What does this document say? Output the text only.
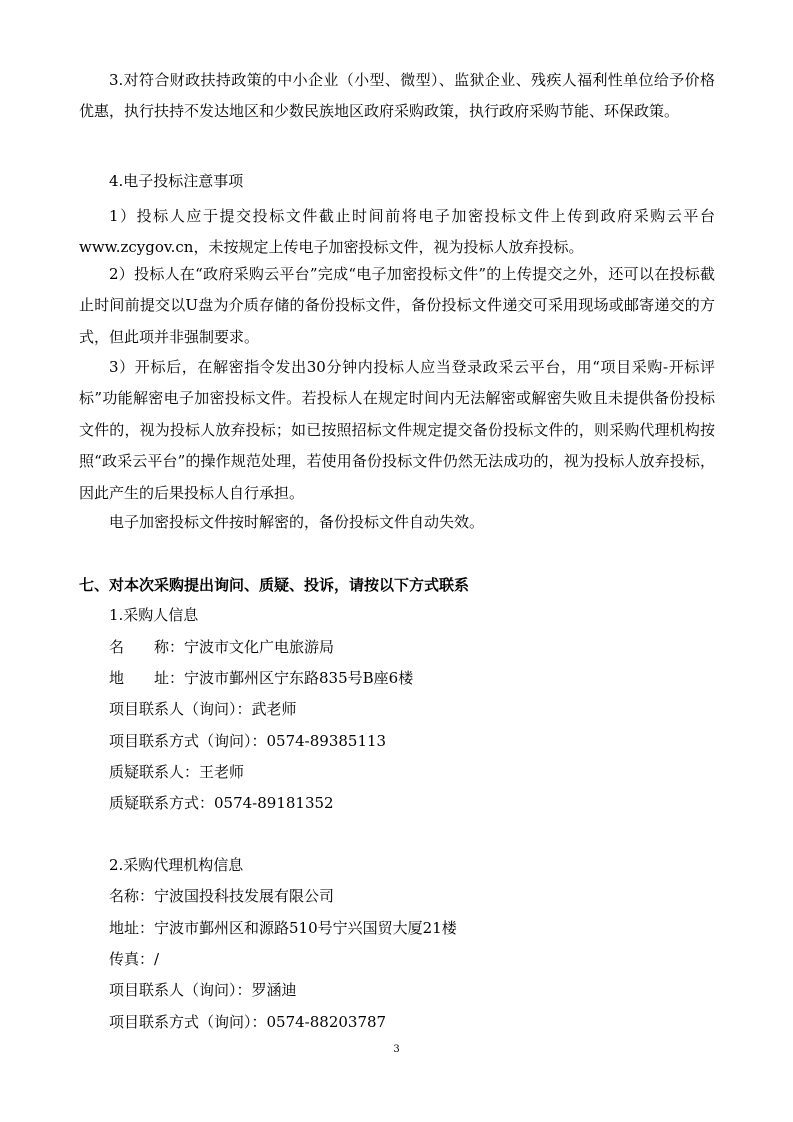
3.对符合财政扶持政策的中小企业（小型、微型）、监狱企业、残疾人福利性单位给予价格优惠，执行扶持不发达地区和少数民族地区政府采购政策，执行政府采购节能、环保政策。

4.电子投标注意事项

1）投标人应于提交投标文件截止时间前将电子加密投标文件上传到政府采购云平台www.zcygov.cn，未按规定上传电子加密投标文件，视为投标人放弃投标。

2）投标人在“政府采购云平台”完成“电子加密投标文件”的上传提交之外，还可以在投标截止时间前提交以U盘为介质存储的备份投标文件，备份投标文件递交可采用现场或邮寄递交的方式，但此项并非强制要求。

3）开标后，在解密指令发出30分钟内投标人应当登录政采云平台，用“项目采购-开标评标”功能解密电子加密投标文件。若投标人在规定时间内无法解密或解密失败且未提供备份投标文件的，视为投标人放弃投标；如已按照招标文件规定提交备份投标文件的，则采购代理机构按照“政采云平台”的操作规范处理，若使用备份投标文件仍然无法成功的，视为投标人放弃投标，因此产生的后果投标人自行承担。

电子加密投标文件按时解密的，备份投标文件自动失效。

七、对本次采购提出询问、质疑、投诉，请按以下方式联系

1.采购人信息

名　　称：宁波市文化广电旅游局

地　　址：宁波市鄞州区宁东路835号B座6楼

项目联系人（询问）：武老师

项目联系方式（询问）：0574-89385113

质疑联系人：王老师

质疑联系方式：0574-89181352

2.采购代理机构信息

名称：宁波国投科技发展有限公司

地址：宁波市鄞州区和源路510号宁兴国贸大厦21楼

传真：/

项目联系人（询问）：罗涵迪

项目联系方式（询问）：0574-88203787

3
